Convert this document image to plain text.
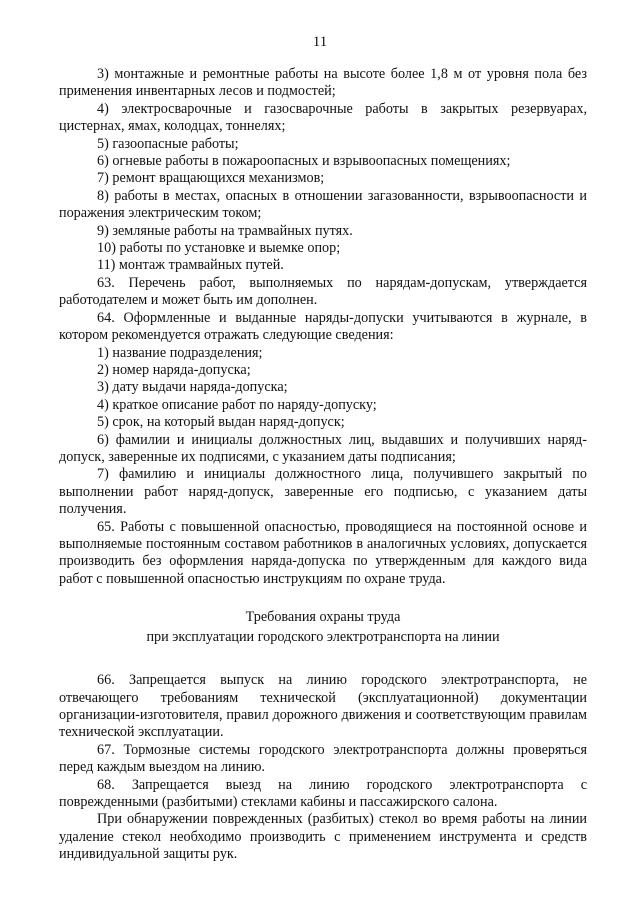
11

3) монтажные и ремонтные работы на высоте более 1,8 м от уровня пола без применения инвентарных лесов и подмостей;

4) электросварочные и газосварочные работы в закрытых резервуарах, цистернах, ямах, колодцах, тоннелях;

5) газоопасные работы;

6) огневые работы в пожароопасных и взрывоопасных помещениях;

7) ремонт вращающихся механизмов;

8) работы в местах, опасных в отношении загазованности, взрывоопасности и поражения электрическим током;

9) земляные работы на трамвайных путях.

10) работы по установке и выемке опор;

11) монтаж трамвайных путей.

63. Перечень работ, выполняемых по нарядам-допускам, утверждается работодателем и может быть им дополнен.

64. Оформленные и выданные наряды-допуски учитываются в журнале, в котором рекомендуется отражать следующие сведения:

1) название подразделения;

2) номер наряда-допуска;

3) дату выдачи наряда-допуска;

4) краткое описание работ по наряду-допуску;

5) срок, на который выдан наряд-допуск;

6) фамилии и инициалы должностных лиц, выдавших и получивших наряд-допуск, заверенные их подписями, с указанием даты подписания;

7) фамилию и инициалы должностного лица, получившего закрытый по выполнении работ наряд-допуск, заверенные его подписью, с указанием даты получения.

65. Работы с повышенной опасностью, проводящиеся на постоянной основе и выполняемые постоянным составом работников в аналогичных условиях, допускается производить без оформления наряда-допуска по утвержденным для каждого вида работ с повышенной опасностью инструкциям по охране труда.

Требования охраны труда
при эксплуатации городского электротранспорта на линии

66. Запрещается выпуск на линию городского электротранспорта, не отвечающего требованиям технической (эксплуатационной) документации организации-изготовителя, правил дорожного движения и соответствующим правилам технической эксплуатации.

67. Тормозные системы городского электротранспорта должны проверяться перед каждым выездом на линию.

68. Запрещается выезд на линию городского электротранспорта с поврежденными (разбитыми) стеклами кабины и пассажирского салона.

При обнаружении поврежденных (разбитых) стекол во время работы на линии удаление стекол необходимо производить с применением инструмента и средств индивидуальной защиты рук.
